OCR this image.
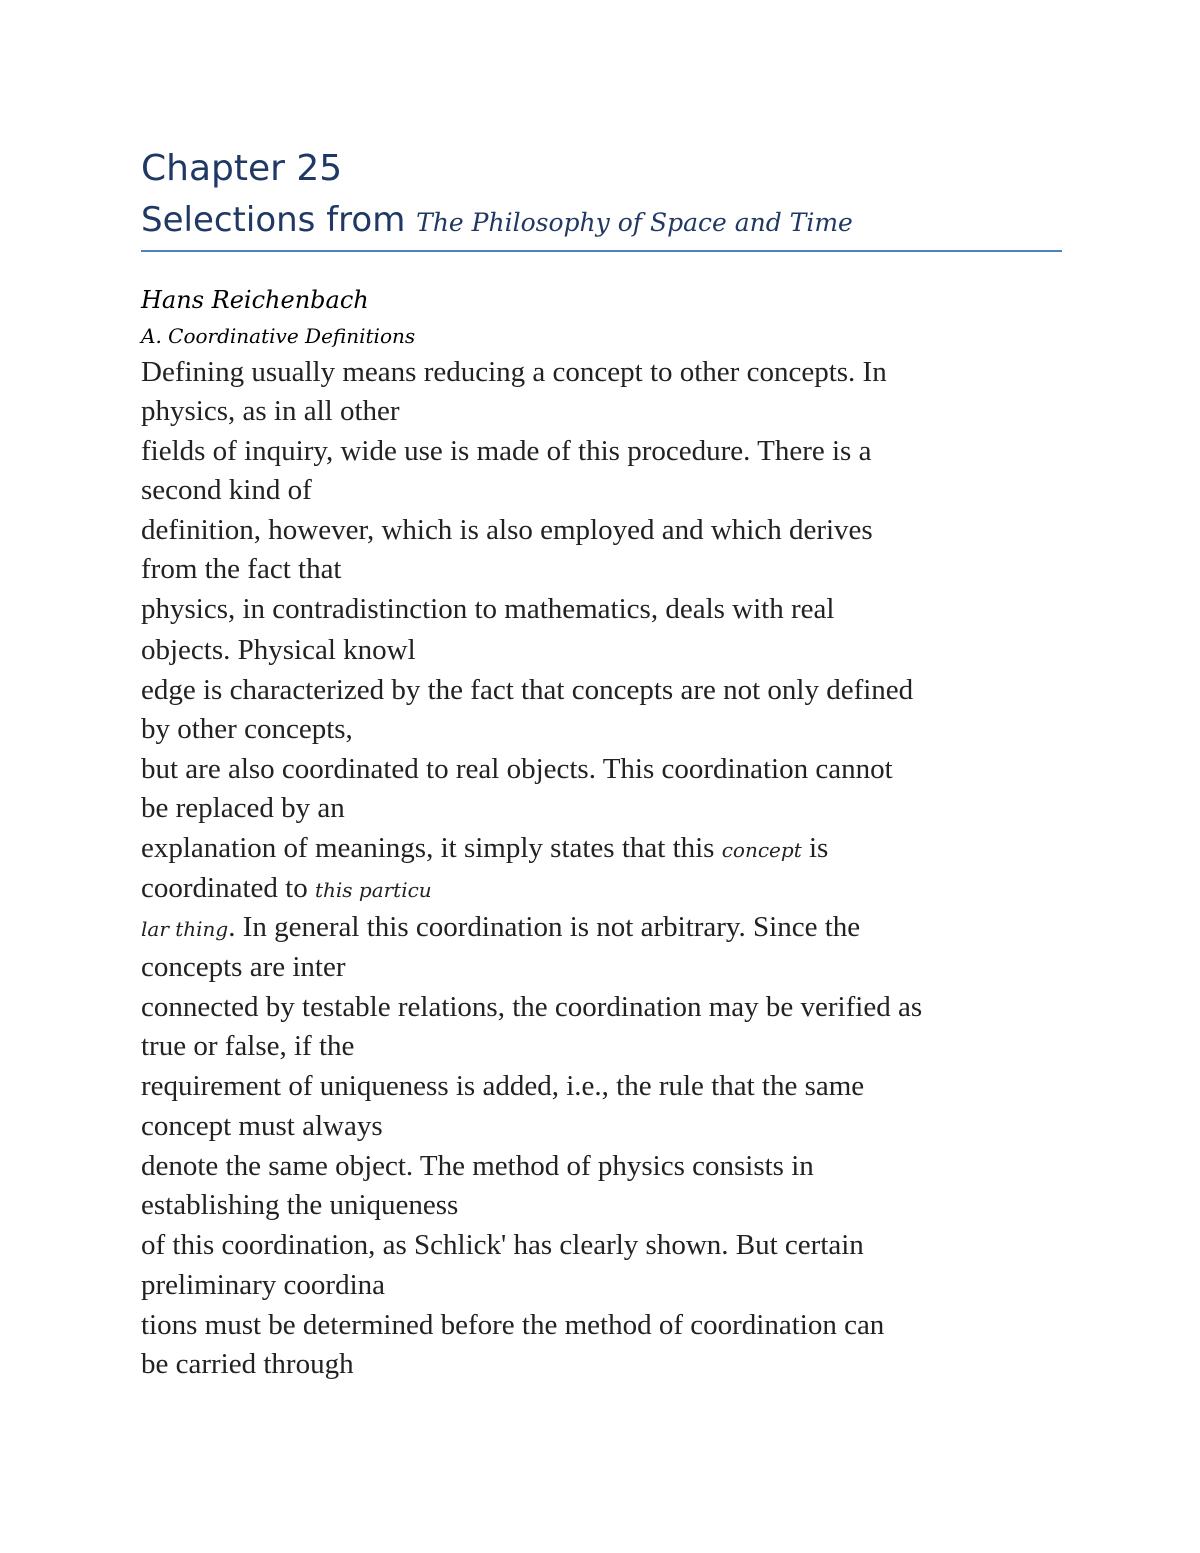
Chapter 25
Selections from The Philosophy of Space and Time
Hans Reichenbach
A. Coordinative Definitions
Defining usually means reducing a concept to other concepts. In
physics, as in all other
fields of inquiry, wide use is made of this procedure. There is a
second kind of
definition, however, which is also employed and which derives
from the fact that
physics, in contradistinction to mathematics, deals with real
objects. Physical knowl
edge is characterized by the fact that concepts are not only defined
by other concepts,
but are also coordinated to real objects. This coordination cannot
be replaced by an
explanation of meanings, it simply states that this concept is
coordinated to this particu
lar thing. In general this coordination is not arbitrary. Since the
concepts are inter
connected by testable relations, the coordination may be verified as
true or false, if the
requirement of uniqueness is added, i.e., the rule that the same
concept must always
denote the same object. The method of physics consists in
establishing the uniqueness
of this coordination, as Schlick' has clearly shown. But certain
preliminary coordina
tions must be determined before the method of coordination can
be carried through
